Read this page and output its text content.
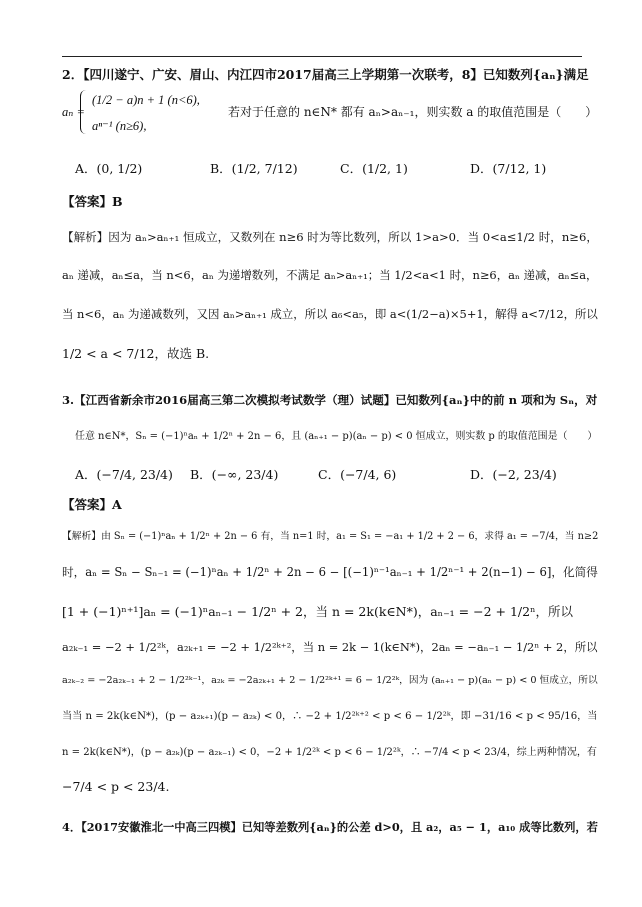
2．【四川遂宁、广安、眉山、内江四市2017届高三上学期第一次联考，8】已知数列{aₙ}满足
aₙ =
(1/2 − a)n + 1 (n<6),
aⁿ⁻¹ (n≥6),
若对于任意的 n∈N* 都有 aₙ>aₙ₋₁，则实数 a 的取值范围是（　　）
A．(0, 1/2)	B．(1/2, 7/12)	C．(1/2, 1)	D．(7/12, 1)
【答案】B
【解析】因为 aₙ>aₙ₊₁ 恒成立，又数列在 n≥6 时为等比数列，所以 1>a>0．当 0<a≤1/2 时，n≥6，
aₙ 递减，aₙ≤a，当 n<6，aₙ 为递增数列，不满足 aₙ>aₙ₊₁；当 1/2<a<1 时，n≥6，aₙ 递减，aₙ≤a，
当 n<6，aₙ 为递减数列，又因 aₙ>aₙ₊₁ 成立，所以 a₆<a₅，即 a<(1/2−a)×5+1，解得 a<7/12，所以
1/2 < a < 7/12，故选 B.
3.【江西省新余市2016届高三第二次模拟考试数学（理）试题】已知数列{aₙ}中的前 n 项和为 Sₙ，对
任意 n∈N*，Sₙ = (−1)ⁿaₙ + 1/2ⁿ + 2n − 6，且 (aₙ₊₁ − p)(aₙ − p) < 0 恒成立，则实数 p 的取值范围是（　　）
A．(−7/4, 23/4) B．(−∞, 23/4)	C．(−7/4, 6)	D．(−2, 23/4)
【答案】A
【解析】由 Sₙ = (−1)ⁿaₙ + 1/2ⁿ + 2n − 6 有，当 n=1 时，a₁ = S₁ = −a₁ + 1/2 + 2 − 6，求得 a₁ = −7/4，当 n≥2
时，aₙ = Sₙ − Sₙ₋₁ = (−1)ⁿaₙ + 1/2ⁿ + 2n − 6 − [(−1)ⁿ⁻¹aₙ₋₁ + 1/2ⁿ⁻¹ + 2(n−1) − 6]，化简得
[1 + (−1)ⁿ⁺¹]aₙ = (−1)ⁿaₙ₋₁ − 1/2ⁿ + 2，当 n = 2k(k∈N*)，aₙ₋₁ = −2 + 1/2ⁿ，所以
a₂ₖ₋₁ = −2 + 1/2²ᵏ，a₂ₖ₊₁ = −2 + 1/2²ᵏ⁺²，当 n = 2k − 1(k∈N*)，2aₙ = −aₙ₋₁ − 1/2ⁿ + 2，所以
a₂ₖ₋₂ = −2a₂ₖ₋₁ + 2 − 1/2²ᵏ⁻¹，a₂ₖ = −2a₂ₖ₊₁ + 2 − 1/2²ᵏ⁺¹ = 6 − 1/2²ᵏ，因为 (aₙ₊₁ − p)(aₙ − p) < 0 恒成立，所以
当当 n = 2k(k∈N*)，(p − a₂ₖ₊₁)(p − a₂ₖ) < 0，∴ −2 + 1/2²ᵏ⁺² < p < 6 − 1/2²ᵏ，即 −31/16 < p < 95/16，当
n = 2k(k∈N*)，(p − a₂ₖ)(p − a₂ₖ₋₁) < 0，−2 + 1/2²ᵏ < p < 6 − 1/2²ᵏ，∴ −7/4 < p < 23/4，综上两种情况，有
−7/4 < p < 23/4.
4．【2017安徽淮北一中高三四模】已知等差数列{aₙ}的公差 d>0，且 a₂，a₅ − 1，a₁₀ 成等比数列，若
